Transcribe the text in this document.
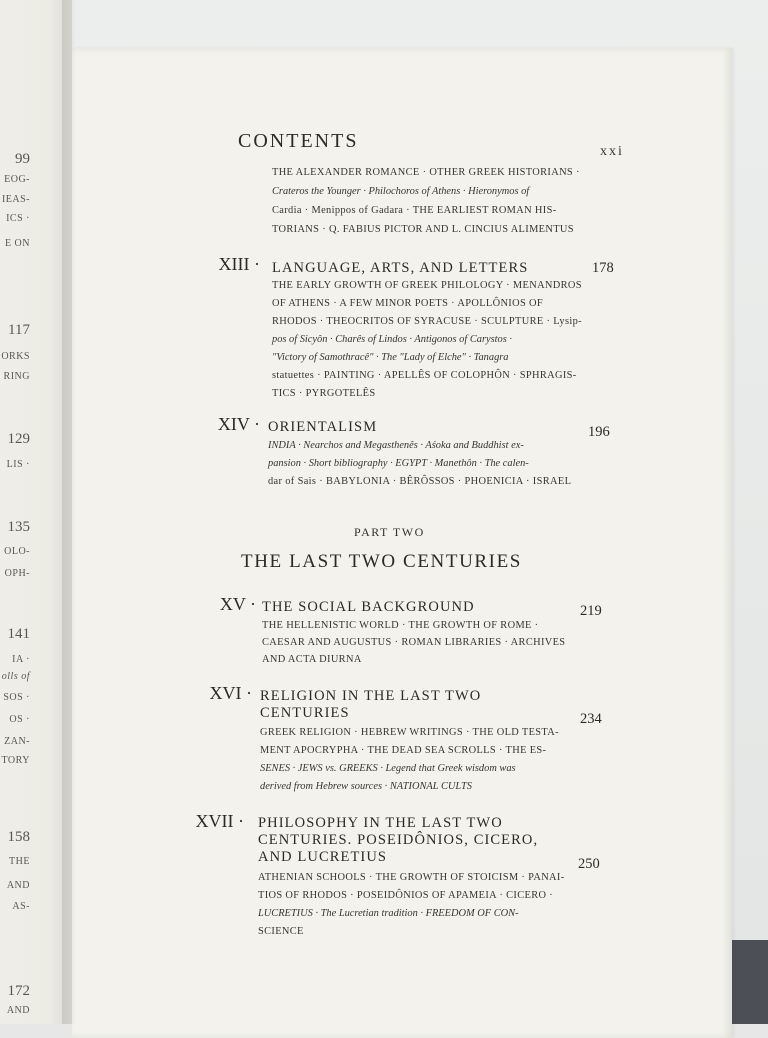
99
EOG-
IEAS-
ICS ·
E ON
117
ORKS
RING
129
LIS ·
135
OLO-
OPH-
141
IA ·
olls of
SOS ·
OS ·
ZAN-
TORY
158
THE
AND
AS-
172
AND
CONTENTS	xxi
THE ALEXANDER ROMANCE · OTHER GREEK HISTORIANS ·
Crateros the Younger · Philochoros of Athens · Hieronymos of
Cardia · Menippos of Gadara · THE EARLIEST ROMAN HIS-
TORIANS · Q. FABIUS PICTOR AND L. CINCIUS ALIMENTUS
XIII · LANGUAGE, ARTS, AND LETTERS	178
THE EARLY GROWTH OF GREEK PHILOLOGY · MENANDROS
OF ATHENS · A FEW MINOR POETS · APOLLÔNIOS OF
RHODOS · THEOCRITOS OF SYRACUSE · SCULPTURE · Lysip-
pos of Sicyôn · Charês of Lindos · Antigonos of Carystos ·
"Victory of Samothracê" · The "Lady of Elche" · Tanagra
statuettes · PAINTING · APELLÊS OF COLOPHÔN · SPHRAGIS-
TICS · PYRGOTELÊS
XIV · ORIENTALISM	196
INDIA · Nearchos and Megasthenês · Aśoka and Buddhist ex-
pansion · Short bibliography · EGYPT · Manethôn · The calen-
dar of Sais · BABYLONIA · BÊRÔSSOS · PHOENICIA · ISRAEL
PART TWO
THE LAST TWO CENTURIES
XV · THE SOCIAL BACKGROUND	219
THE HELLENISTIC WORLD · THE GROWTH OF ROME ·
CAESAR AND AUGUSTUS · ROMAN LIBRARIES · ARCHIVES
AND ACTA DIURNA
XVI · RELIGION IN THE LAST TWO
CENTURIES	234
GREEK RELIGION · HEBREW WRITINGS · THE OLD TESTA-
MENT APOCRYPHA · THE DEAD SEA SCROLLS · THE ES-
SENES · JEWS vs. GREEKS · Legend that Greek wisdom was
derived from Hebrew sources · NATIONAL CULTS
XVII · PHILOSOPHY IN THE LAST TWO
CENTURIES. POSEIDÔNIOS, CICERO,
AND LUCRETIUS	250
ATHENIAN SCHOOLS · THE GROWTH OF STOICISM · PANAI-
TIOS OF RHODOS · POSEIDÔNIOS OF APAMEIA · CICERO ·
LUCRETIUS · The Lucretian tradition · FREEDOM OF CON-
SCIENCE
